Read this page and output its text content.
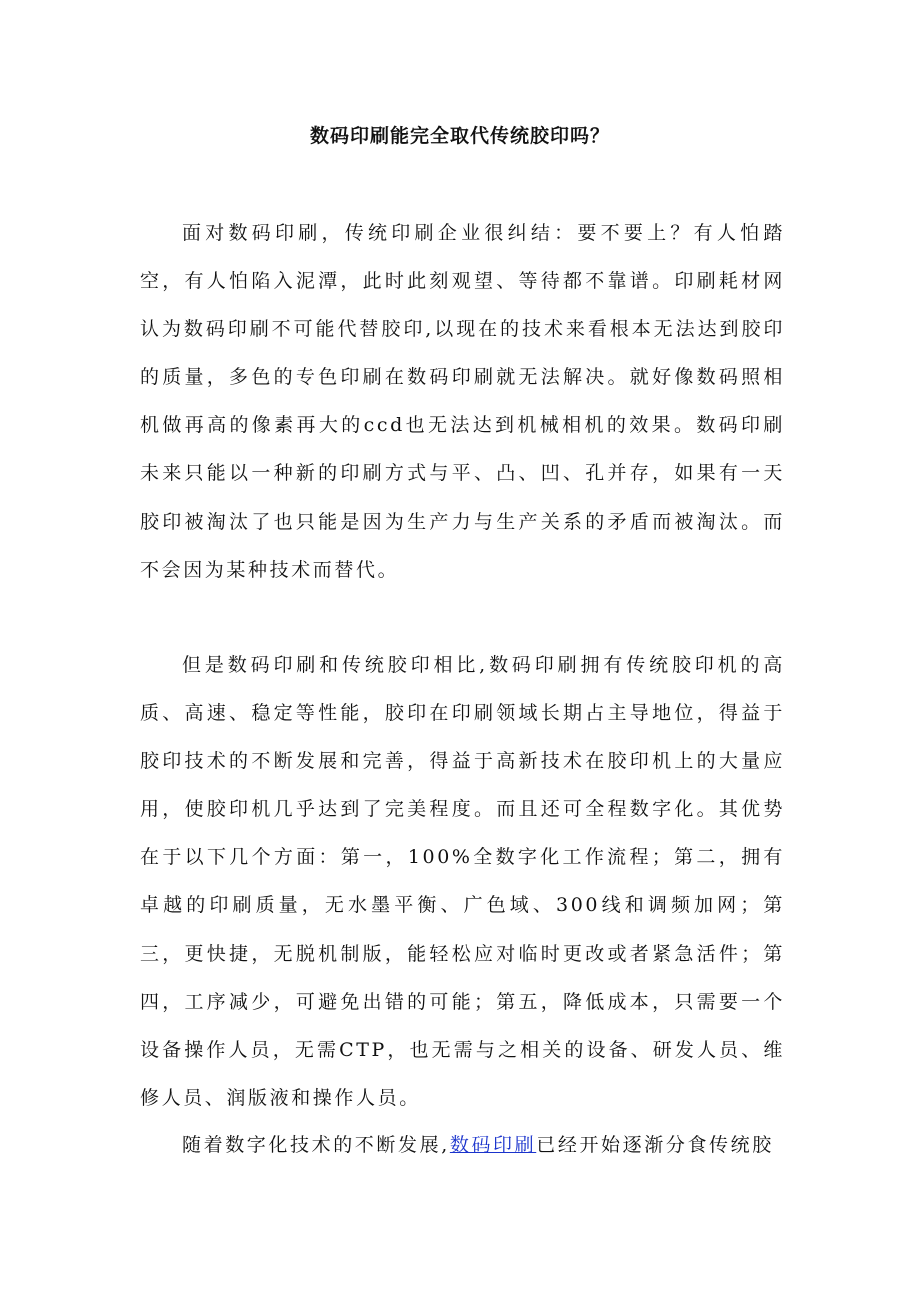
数码印刷能完全取代传统胶印吗？

面对数码印刷，传统印刷企业很纠结：要不要上？有人怕踏空，有人怕陷入泥潭，此时此刻观望、等待都不靠谱。印刷耗材网认为数码印刷不可能代替胶印,以现在的技术来看根本无法达到胶印的质量，多色的专色印刷在数码印刷就无法解决。就好像数码照相机做再高的像素再大的ccd也无法达到机械相机的效果。数码印刷未来只能以一种新的印刷方式与平、凸、凹、孔并存，如果有一天胶印被淘汰了也只能是因为生产力与生产关系的矛盾而被淘汰。而不会因为某种技术而替代。

但是数码印刷和传统胶印相比,数码印刷拥有传统胶印机的高质、高速、稳定等性能，胶印在印刷领域长期占主导地位，得益于胶印技术的不断发展和完善，得益于高新技术在胶印机上的大量应用，使胶印机几乎达到了完美程度。而且还可全程数字化。其优势在于以下几个方面：第一，100%全数字化工作流程；第二，拥有卓越的印刷质量，无水墨平衡、广色域、300线和调频加网；第三，更快捷，无脱机制版，能轻松应对临时更改或者紧急活件；第四，工序减少，可避免出错的可能；第五，降低成本，只需要一个设备操作人员，无需CTP，也无需与之相关的设备、研发人员、维修人员、润版液和操作人员。

随着数字化技术的不断发展,数码印刷已经开始逐渐分食传统胶
